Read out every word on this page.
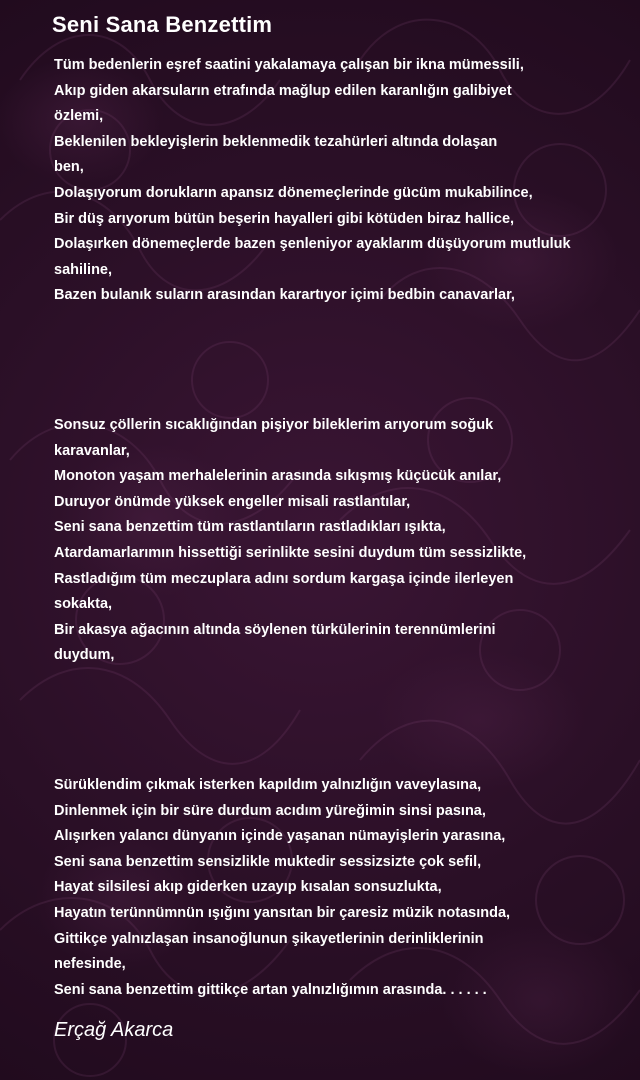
Seni Sana Benzettim

Tüm bedenlerin eşref saatini yakalamaya çalışan bir ikna mümessili,
Akıp giden akarsuların etrafında mağlup edilen karanlığın galibiyet
özlemi,
Beklenilen bekleyişlerin beklenmedik tezahürleri altında dolaşan
ben,
Dolaşıyorum dorukların apansız dönemeçlerinde gücüm mukabilince,
Bir düş arıyorum bütün beşerin hayalleri gibi kötüden biraz hallice,
Dolaşırken dönemeçlerde bazen şenleniyor ayaklarım düşüyorum mutluluk
sahiline,
Bazen bulanık suların arasından karartıyor içimi bedbin canavarlar,

Sonsuz çöllerin sıcaklığından pişiyor bileklerim arıyorum soğuk
karavanlar,
Monoton yaşam merhalelerinin arasında sıkışmış küçücük anılar,
Duruyor önümde yüksek engeller misali rastlantılar,
Seni sana benzettim tüm rastlantıların rastladıkları ışıkta,
Atardamarlarımın hissettiği serinlikte sesini duydum tüm sessizlikte,
Rastladığım tüm meczuplara adını sordum kargaşa içinde ilerleyen
sokakta,
Bir akasya ağacının altında söylenen türkülerinin terennümlerini
duydum,

Sürüklendim çıkmak isterken kapıldım yalnızlığın vaveylasına,
Dinlenmek için bir süre durdum acıdım yüreğimin sinsi pasına,
Alışırken yalancı dünyanın içinde yaşanan nümayişlerin yarasına,
Seni sana benzettim sensizlikle muktedir sessizsizte çok sefil,
Hayat silsilesi akıp giderken uzayıp kısalan sonsuzlukta,
Hayatın terünnümnün ışığını yansıtan bir çaresiz müzik notasında,
Gittikçe yalnızlaşan insanoğlunun şikayetlerinin derinliklerinin
nefesinde,
Seni sana benzettim gittikçe artan yalnızlığımın arasında. . . . . .

Erçağ Akarca
